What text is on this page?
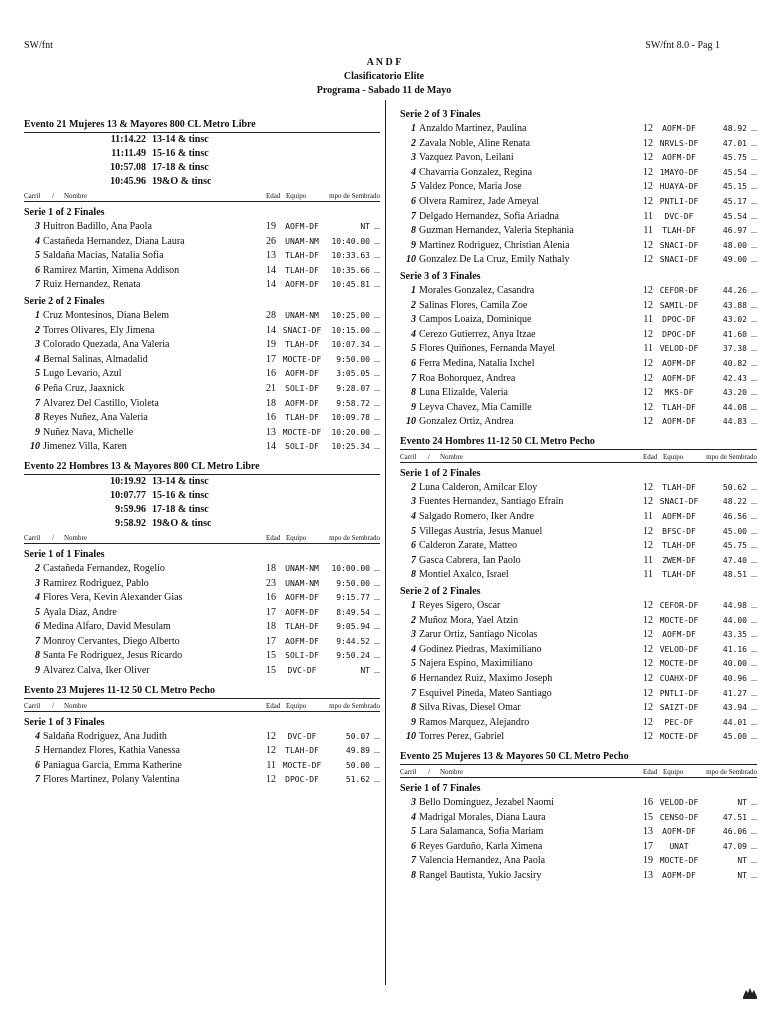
SW/fnt	SW/fnt 8.0 - Pag 1
A N D F
Clasificatorio Elite
Programa - Sabado 11 de Mayo
Evento 21 Mujeres 13 & Mayores 800 CL Metro Libre
11:14.22 13-14 & tinsc
11:11.49 15-16 & tinsc
10:57.08 17-18 & tinsc
10:45.96 19&O & tinsc
Carril	/	Nombre	Edad Equipo	mpo de Sembrado
Serie 1 of 2 Finales
3 Huitron Badillo, Ana Paola	19	AOFM-DF	NT ...
4 Castañeda Hernandez, Diana Laura	26	UNAM-NM	10:40.00 ...
5 Saldaña Macias, Natalia Sofia	13	TLAH-DF	10:33.63 ...
6 Ramirez Martin, Ximena Addison	14	TLAH-DF	10:35.66 ...
7 Ruiz Hernandez, Renata	14	AOFM-DF	10:45.81 ...
Serie 2 of 2 Finales
1 Cruz Montesinos, Diana Belem	28	UNAM-NM	10:25.00 ...
2 Torres Olivares, Ely Jimena	14 SNACI-DF	10:15.00 ...
3 Colorado Quezada, Ana Valeria	19	TLAH-DF	10:07.34 ...
4 Bernal Salinas, Almadalid	17 MOCTE-DF	9:50.00 ...
5 Lugo Levario, Azul	16	AOFM-DF	3:05.05 ...
6 Peña Cruz, Jaaxnick	21	SOLI-DF	9:28.07 ...
7 Alvarez Del Castillo, Violeta	18	AOFM-DF	9:58.72 ...
8 Reyes Nuñez, Ana Valeria	16	TLAH-DF	10:09.78 ...
9 Nuñez Nava, Michelle	13 MOCTE-DF	10:20.00 ...
10 Jimenez Villa, Karen	14	SOLI-DF	10:25.34 ...
Evento 22 Hombres 13 & Mayores 800 CL Metro Libre
10:19.92 13-14 & tinsc
10:07.77 15-16 & tinsc
9:59.96 17-18 & tinsc
9:58.92 19&O & tinsc
Carril	/	Nombre	Edad Equipo	mpo de Sembrado
Serie 1 of 1 Finales
2 Castañeda Fernandez, Rogelio	18	UNAM-NM	10:00.00 ...
3 Ramirez Rodriguez, Pablo	23	UNAM-NM	9:50.00 ...
4 Flores Vera, Kevin Alexander Gias	16	AOFM-DF	9:15.77 ...
5 Ayala Diaz, Andre	17	AOFM-DF	8:49.54 ...
6 Medina Alfaro, David Mesulam	18	TLAH-DF	9:05.94 ...
7 Monroy Cervantes, Diego Alberto	17	AOFM-DF	9:44.52 ...
8 Santa Fe Rodriguez, Jesus Ricardo	15	SOLI-DF	9:50.24 ...
9 Alvarez Calva, Iker Oliver	15	DVC-DF	NT ...
Evento 23 Mujeres 11-12 50 CL Metro Pecho
Carril	/	Nombre	Edad Equipo	mpo de Sembrado
Serie 1 of 3 Finales
4 Saldaña Rodriguez, Ana Judith	12	DVC-DF	50.07 ...
5 Hernandez Flores, Kathia Vanessa	12	TLAH-DF	49.89 ...
6 Paniagua Garcia, Emma Katherine	11 MOCTE-DF	50.00 ...
7 Flores Martinez, Polany Valentina	12	DPOC-DF	51.62 ...
Serie 2 of 3 Finales
1 Anzaldo Martinez, Paulina	12	AOFM-DF	48.92 ...
2 Zavala Noble, Aline Renata	12 NRVLS-DF	47.01 ...
3 Vazquez Pavon, Leilani	12	AOFM-DF	45.75 ...
4 Chavarria Gonzalez, Regina	12 1MAYO-DF	45.54 ...
5 Valdez Ponce, Maria Jose	12 HUAYA-DF	45.15 ...
6 Olvera Ramirez, Jade Ameyal	12 PNTLI-DF	45.17 ...
7 Delgado Hernandez, Sofia Ariadna	11	DVC-DF	45.54 ...
8 Guzman Hernandez, Valeria Stephania	11	TLAH-DF	46.97 ...
9 Martinez Rodriguez, Christian Alenia	12 SNACI-DF	48.00 ...
10 Gonzalez De La Cruz, Emily Nathaly	12 SNACI-DF	49.00 ...
Serie 3 of 3 Finales
1 Morales Gonzalez, Casandra	12 CEFOR-DF	44.26 ...
2 Salinas Flores, Camila Zoe	12 SAMIL-DF	43.88 ...
3 Campos Loaiza, Dominique	11	DPOC-DF	43.02 ...
4 Cerezo Gutierrez, Anya Itzae	12	DPOC-DF	41.60 ...
5 Flores Quiñones, Fernanda Mayel	11 VELOD-DF	37.38 ...
6 Ferra Medina, Natalia Ixchel	12	AOFM-DF	40.82 ...
7 Roa Bohorquez, Andrea	12	AOFM-DF	42.43 ...
8 Luna Elizalde, Valeria	12	MKS-DF	43.20 ...
9 Leyva Chavez, Mia Camille	12	TLAH-DF	44.08 ...
10 Gonzalez Ortiz, Andrea	12	AOFM-DF	44.83 ...
Evento 24 Hombres 11-12 50 CL Metro Pecho
Carril	/	Nombre	Edad Equipo	mpo de Sembrado
Serie 1 of 2 Finales
2 Luna Calderon, Amilcar Eloy	12	TLAH-DF	50.62 ...
3 Fuentes Hernandez, Santiago Efrain	12 SNACI-DF	48.22 ...
4 Salgado Romero, Iker Andre	11	AOFM-DF	46.56 ...
5 Villegas Austria, Jesus Manuel	12	BFSC-DF	45.00 ...
6 Calderon Zarate, Matteo	12	TLAH-DF	45.75 ...
7 Gasca Cabrera, Ian Paolo	11	ZWEM-DF	47.40 ...
8 Montiel Axalco, Israel	11	TLAH-DF	48.51 ...
Serie 2 of 2 Finales
1 Reyes Sigero, Oscar	12 CEFOR-DF	44.98 ...
2 Muñoz Mora, Yael Atzin	12 MOCTE-DF	44.00 ...
3 Zarur Ortiz, Santiago Nicolas	12	AOFM-DF	43.35 ...
4 Godinez Piedras, Maximiliano	12 VELOD-DF	41.16 ...
5 Najera Espino, Maximiliano	12 MOCTE-DF	40.00 ...
6 Hernandez Ruiz, Maximo Joseph	12 CUAHX-DF	40.96 ...
7 Esquivel Pineda, Mateo Santiago	12 PNTLI-DF	41.27 ...
8 Silva Rivas, Diesel Omar	12 SAIZT-DF	43.94 ...
9 Ramos Marquez, Alejandro	12	PEC-DF	44.01 ...
10 Torres Perez, Gabriel	12 MOCTE-DF	45.00 ...
Evento 25 Mujeres 13 & Mayores 50 CL Metro Pecho
Carril	/	Nombre	Edad Equipo	mpo de Sembrado
Serie 1 of 7 Finales
3 Bello Dominguez, Jezabel Naomi	16 VELOD-DF	NT ...
4 Madrigal Morales, Diana Laura	15 CENSO-DF	47.51 ...
5 Lara Salamanca, Sofia Mariam	13	AOFM-DF	46.06 ...
6 Reyes Garduño, Karla Ximena	17	UNAT	47.09 ...
7 Valencia Hernandez, Ana Paola	19 MOCTE-DF	NT ...
8 Rangel Bautista, Yukio Jacsiry	13	AOFM-DF	NT ...
